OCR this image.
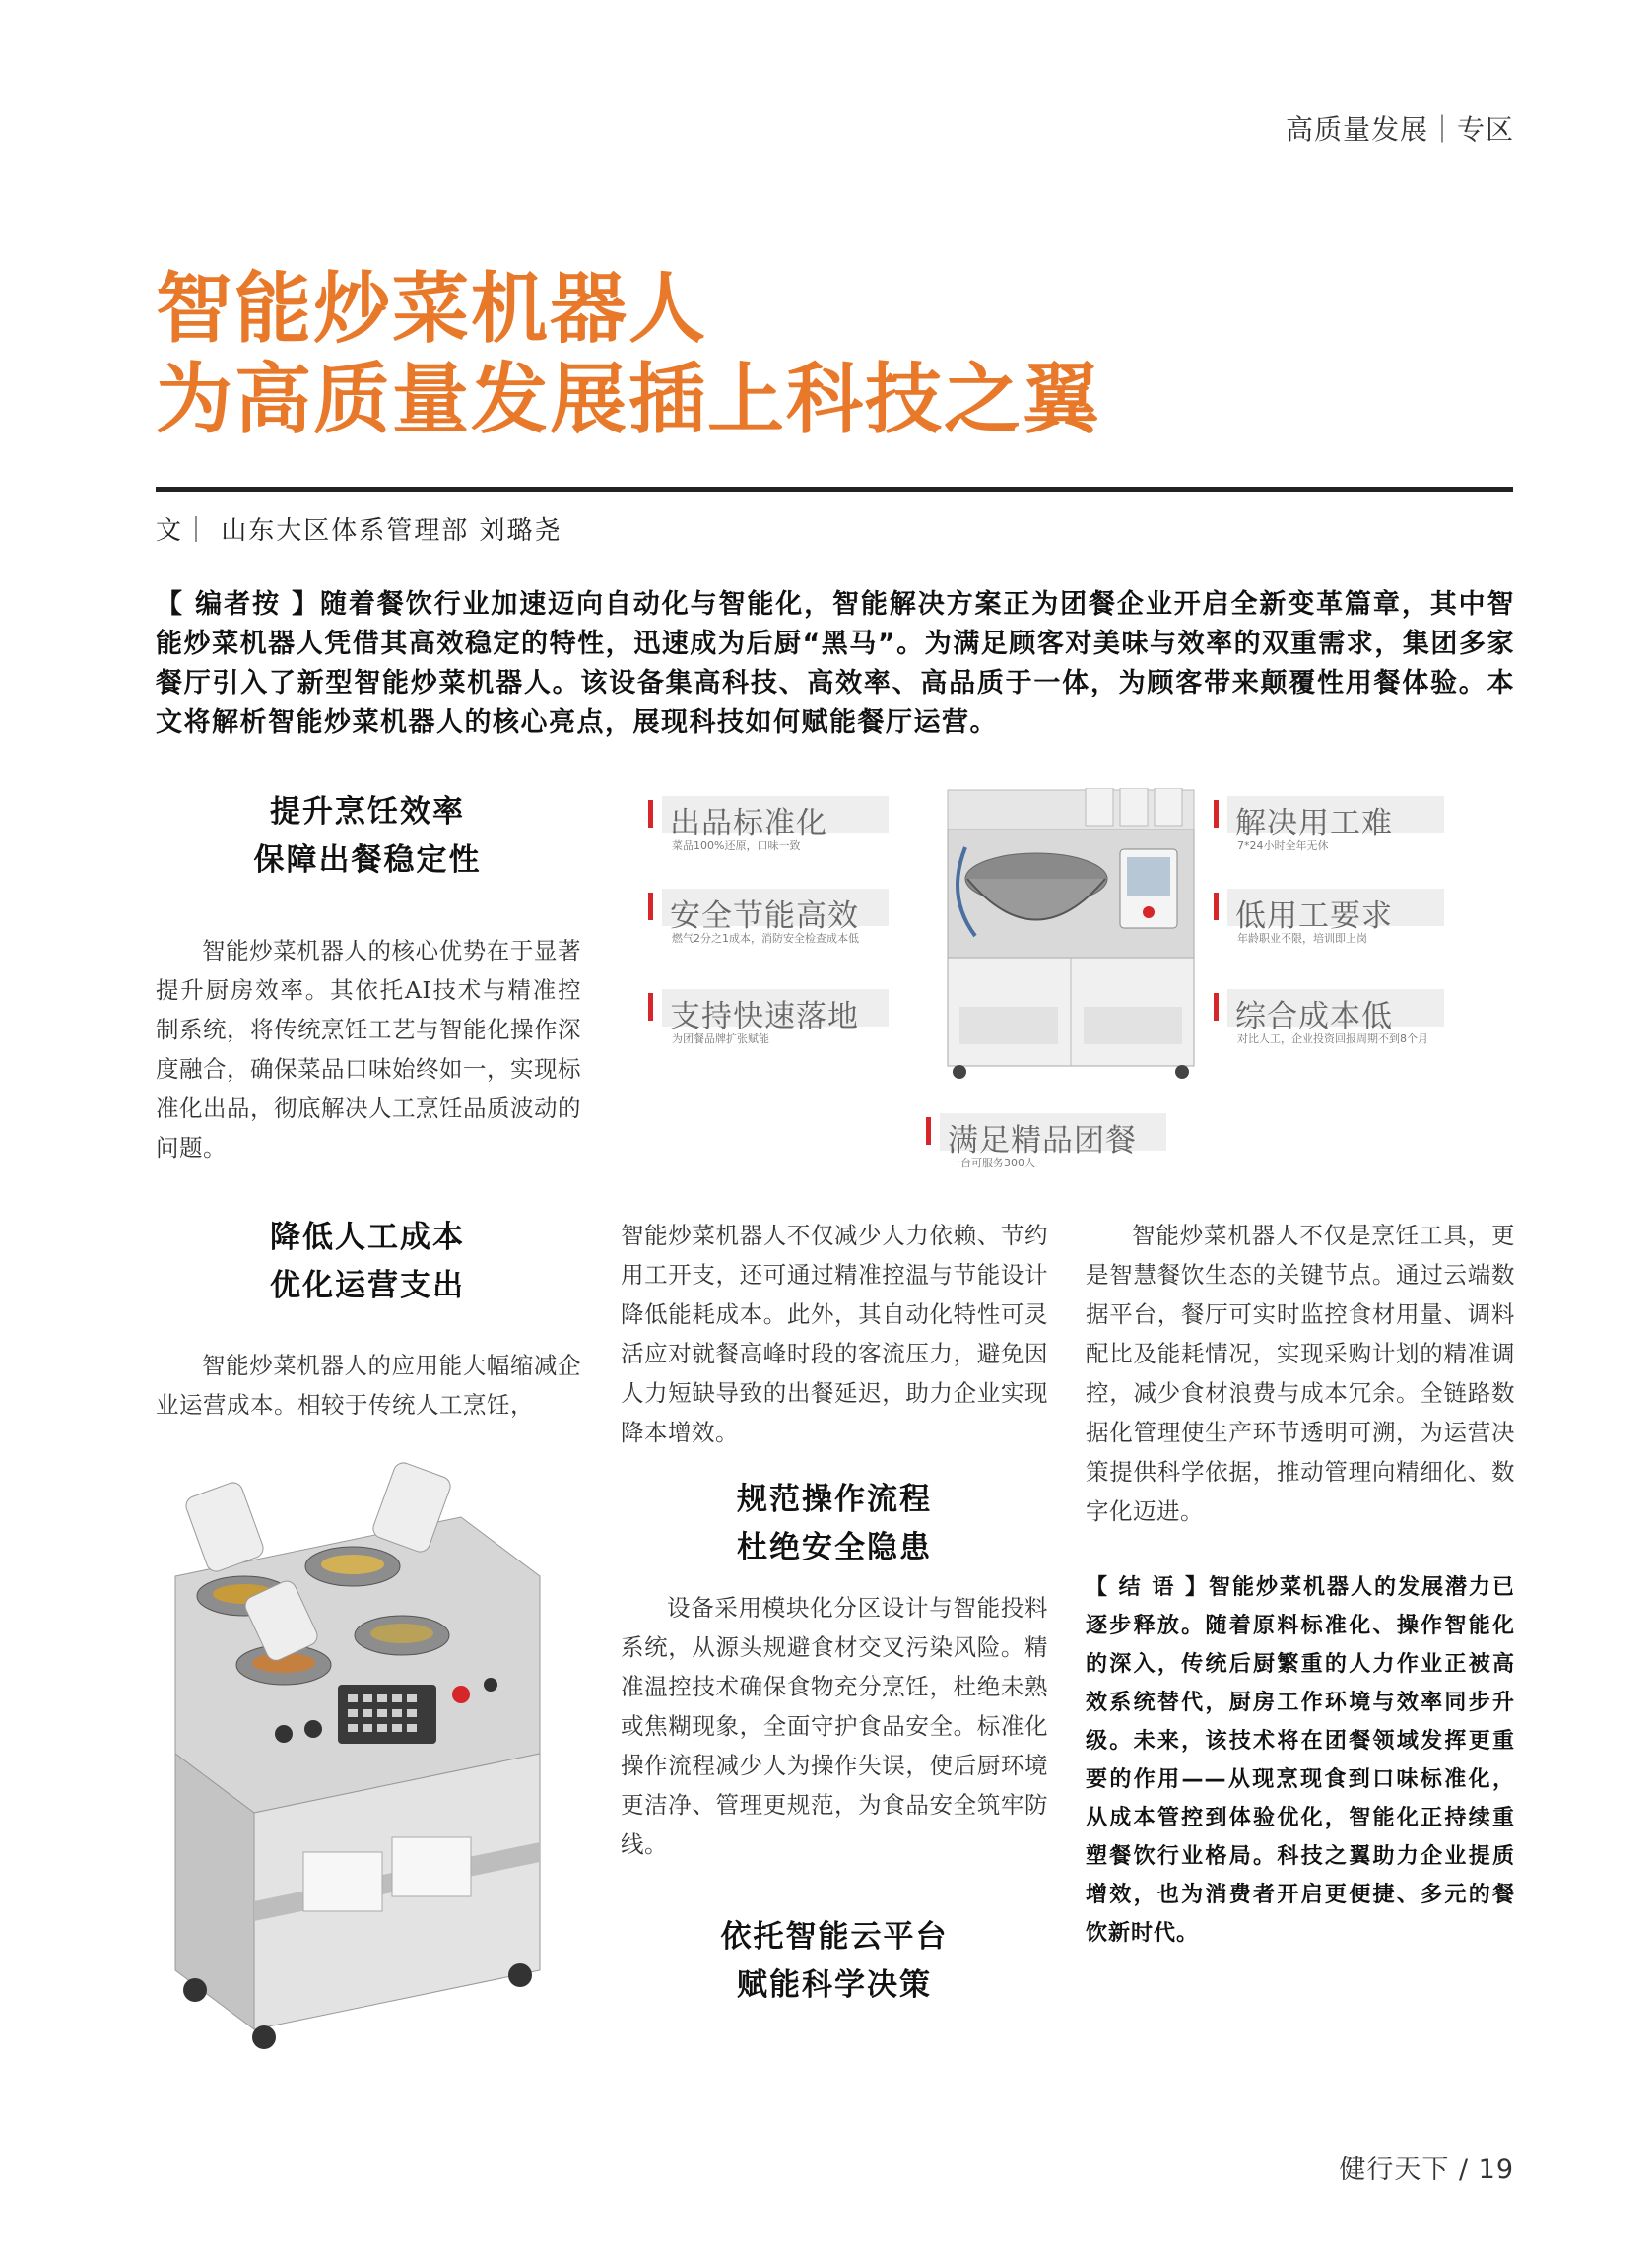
高质量发展｜专区
智能炒菜机器人
为高质量发展插上科技之翼
文｜ 山东大区体系管理部 刘璐尧
【 编者按 】随着餐饮行业加速迈向自动化与智能化，智能解决方案正为团餐企业开启全新变革篇章，其中智能炒菜机器人凭借其高效稳定的特性，迅速成为后厨“黑马”。为满足顾客对美味与效率的双重需求，集团多家餐厅引入了新型智能炒菜机器人。该设备集高科技、高效率、高品质于一体，为顾客带来颠覆性用餐体验。本文将解析智能炒菜机器人的核心亮点，展现科技如何赋能餐厅运营。
提升烹饪效率
保障出餐稳定性
智能炒菜机器人的核心优势在于显著提升厨房效率。其依托AI技术与精准控制系统，将传统烹饪工艺与智能化操作深度融合，确保菜品口味始终如一，实现标准化出品，彻底解决人工烹饪品质波动的问题。
出品标准化
菜品100%还原，口味一致
安全节能高效
燃气2分之1成本，消防安全检查成本低
支持快速落地
为团餐品牌扩张赋能
解决用工难
7*24小时全年无休
低用工要求
年龄职业不限，培训即上岗
综合成本低
对比人工，企业投资回报周期不到8个月
满足精品团餐
一台可服务300人
降低人工成本
优化运营支出
智能炒菜机器人的应用能大幅缩减企业运营成本。相较于传统人工烹饪，
智能炒菜机器人不仅减少人力依赖、节约用工开支，还可通过精准控温与节能设计降低能耗成本。此外，其自动化特性可灵活应对就餐高峰时段的客流压力，避免因人力短缺导致的出餐延迟，助力企业实现降本增效。
规范操作流程
杜绝安全隐患
设备采用模块化分区设计与智能投料系统，从源头规避食材交叉污染风险。精准温控技术确保食物充分烹饪，杜绝未熟或焦糊现象，全面守护食品安全。标准化操作流程减少人为操作失误，使后厨环境更洁净、管理更规范，为食品安全筑牢防线。
依托智能云平台
赋能科学决策
智能炒菜机器人不仅是烹饪工具，更是智慧餐饮生态的关键节点。通过云端数据平台，餐厅可实时监控食材用量、调料配比及能耗情况，实现采购计划的精准调控，减少食材浪费与成本冗余。全链路数据化管理使生产环节透明可溯，为运营决策提供科学依据，推动管理向精细化、数字化迈进。
【 结 语 】智能炒菜机器人的发展潜力已逐步释放。随着原料标准化、操作智能化的深入，传统后厨繁重的人力作业正被高效系统替代，厨房工作环境与效率同步升级。未来，该技术将在团餐领域发挥更重要的作用——从现烹现食到口味标准化，从成本管控到体验优化，智能化正持续重塑餐饮行业格局。科技之翼助力企业提质增效，也为消费者开启更便捷、多元的餐饮新时代。
健行天下 / 19
